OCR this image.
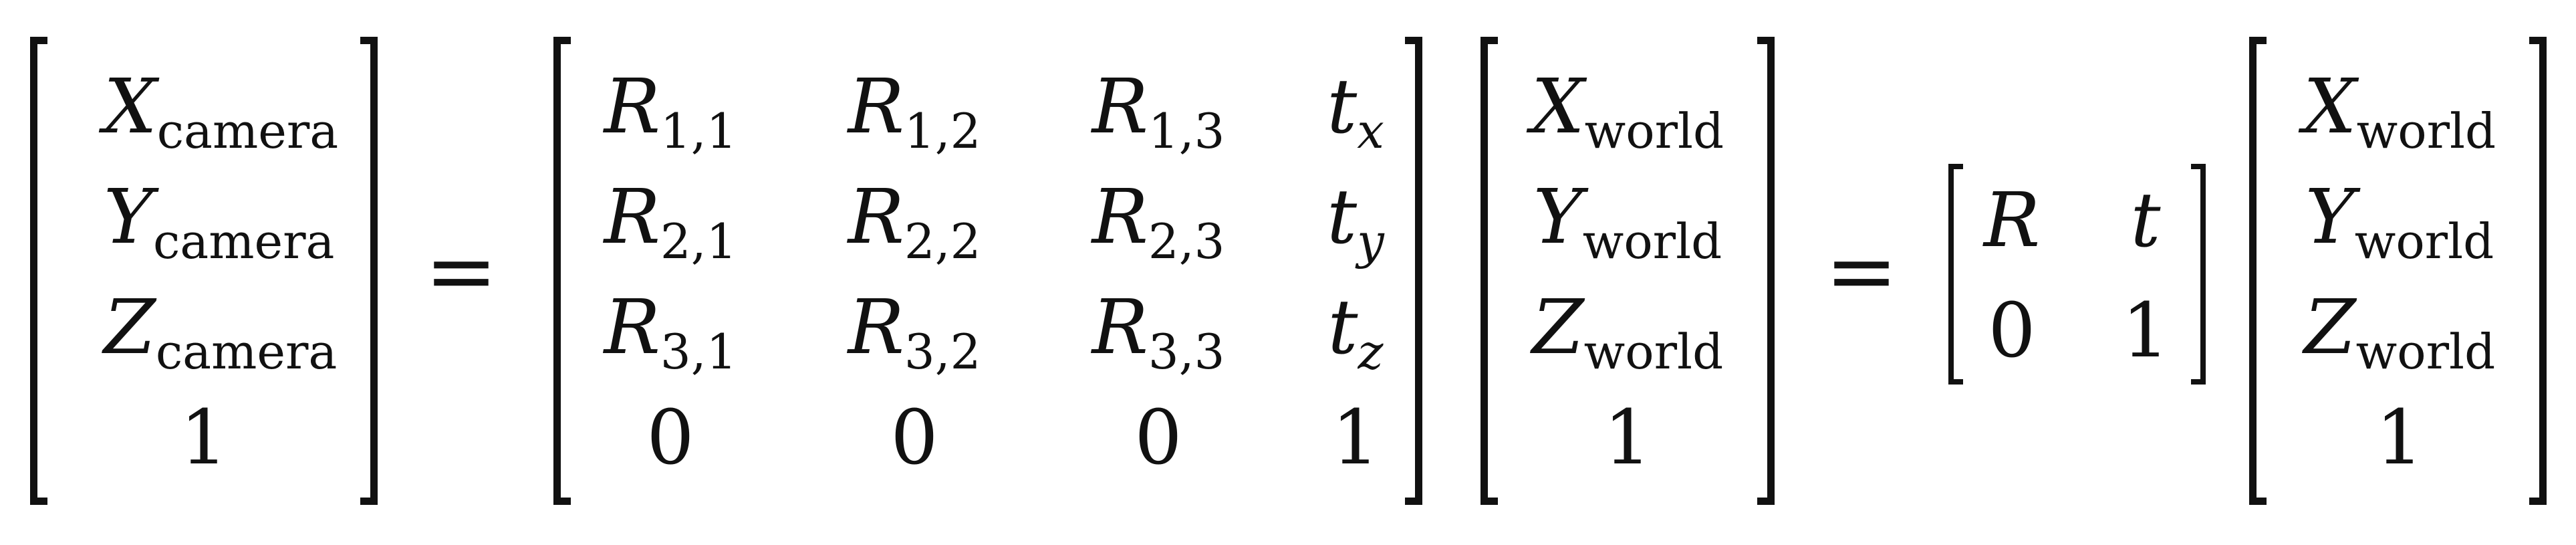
$X_{camera}$
$Y_{camera}$
$Z_{camera}$
1
=
$R_{1,1}$	$R_{1,2}$	$R_{1,3}$	$t_x$
$R_{2,1}$	$R_{2,2}$	$R_{2,3}$	$t_y$
$R_{3,1}$	$R_{3,2}$	$R_{3,3}$	$t_z$
0	0	0	1
$X_{world}$
$Y_{world}$
$Z_{world}$
1
=	R	t
0	1
$X_{world}$
$Y_{world}$
$Z_{world}$
1
